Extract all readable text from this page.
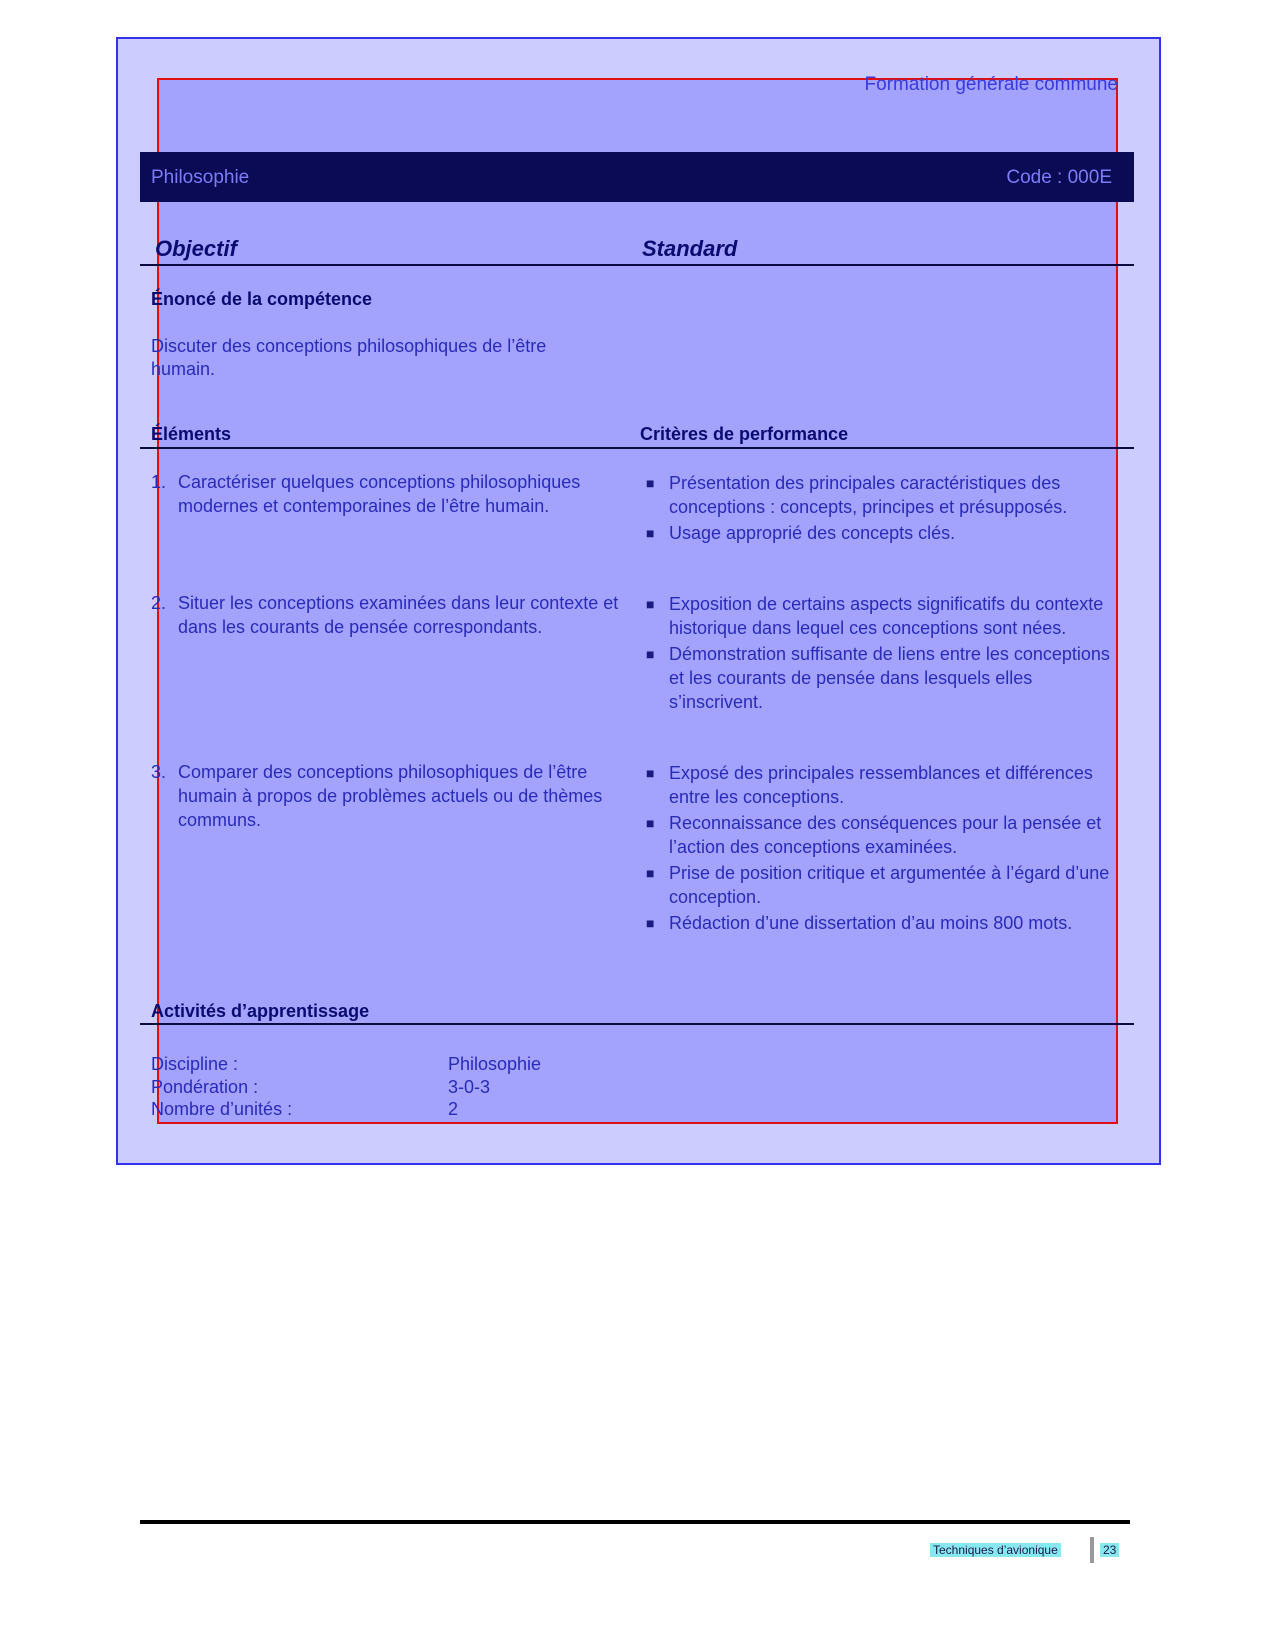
Formation générale commune
Philosophie	Code : 000E
Objectif	Standard
Énoncé de la compétence
Discuter des conceptions philosophiques de l’être humain.
Éléments	Critères de performance
1. Caractériser quelques conceptions philosophiques modernes et contemporaines de l’être humain.
■ Présentation des principales caractéristiques des conceptions : concepts, principes et présupposés.
■ Usage approprié des concepts clés.
2. Situer les conceptions examinées dans leur contexte et dans les courants de pensée correspondants.
■ Exposition de certains aspects significatifs du contexte historique dans lequel ces conceptions sont nées.
■ Démonstration suffisante de liens entre les conceptions et les courants de pensée dans lesquels elles s’inscrivent.
3. Comparer des conceptions philosophiques de l’être humain à propos de problèmes actuels ou de thèmes communs.
■ Exposé des principales ressemblances et différences entre les conceptions.
■ Reconnaissance des conséquences pour la pensée et l’action des conceptions examinées.
■ Prise de position critique et argumentée à l’égard d’une conception.
■ Rédaction d’une dissertation d’au moins 800 mots.
Activités d’apprentissage
Discipline :	Philosophie
Pondération :	3-0-3
Nombre d’unités :	2
Techniques d’avionique	23
